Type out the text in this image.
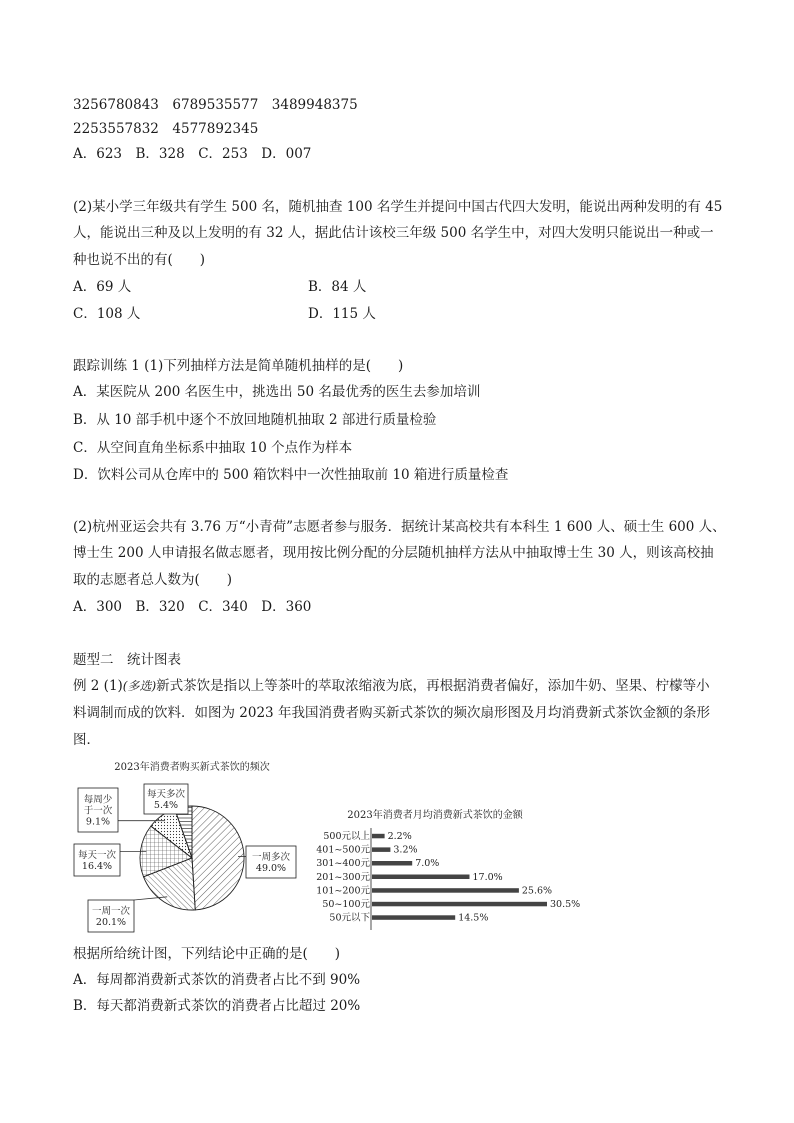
3256780843　6789535577　3489948375
2253557832　4577892345
A．623　B．328　C．253　D．007
(2)某小学三年级共有学生 500 名，随机抽查 100 名学生并提问中国古代四大发明，能说出两种发明的有 45
人，能说出三种及以上发明的有 32 人，据此估计该校三年级 500 名学生中，对四大发明只能说出一种或一
种也说不出的有(　　)
A．69 人	B．84 人
C．108 人	D．115 人
跟踪训练 1 (1)下列抽样方法是简单随机抽样的是(　　)
A．某医院从 200 名医生中，挑选出 50 名最优秀的医生去参加培训
B．从 10 部手机中逐个不放回地随机抽取 2 部进行质量检验
C．从空间直角坐标系中抽取 10 个点作为样本
D．饮料公司从仓库中的 500 箱饮料中一次性抽取前 10 箱进行质量检查
(2)杭州亚运会共有 3.76 万“小青荷”志愿者参与服务．据统计某高校共有本科生 1 600 人、硕士生 600 人、
博士生 200 人申请报名做志愿者，现用按比例分配的分层随机抽样方法从中抽取博士生 30 人，则该高校抽
取的志愿者总人数为(　　)
A．300　B．320　C．340　D．360
题型二　统计图表
例 2 (1)(多选)新式茶饮是指以上等茶叶的萃取浓缩液为底，再根据消费者偏好，添加牛奶、坚果、柠檬等小
料调制而成的饮料．如图为 2023 年我国消费者购买新式茶饮的频次扇形图及月均消费新式茶饮金额的条形
图．
2023年消费者购买新式茶饮的频次
一周多次
49.0%
一周一次
20.1%
每天一次
16.4%
每周少
于一次
9.1%
每天多次
5.4%
2023年消费者月均消费新式茶饮的金额
500元以上
401~500元
301~400元
201~300元
101~200元
50~100元
50元以下
2.2%
3.2%
7.0%
17.0%
25.6%
30.5%
14.5%
根据所给统计图，下列结论中正确的是(　　)
A．每周都消费新式茶饮的消费者占比不到 90%
B．每天都消费新式茶饮的消费者占比超过 20%
